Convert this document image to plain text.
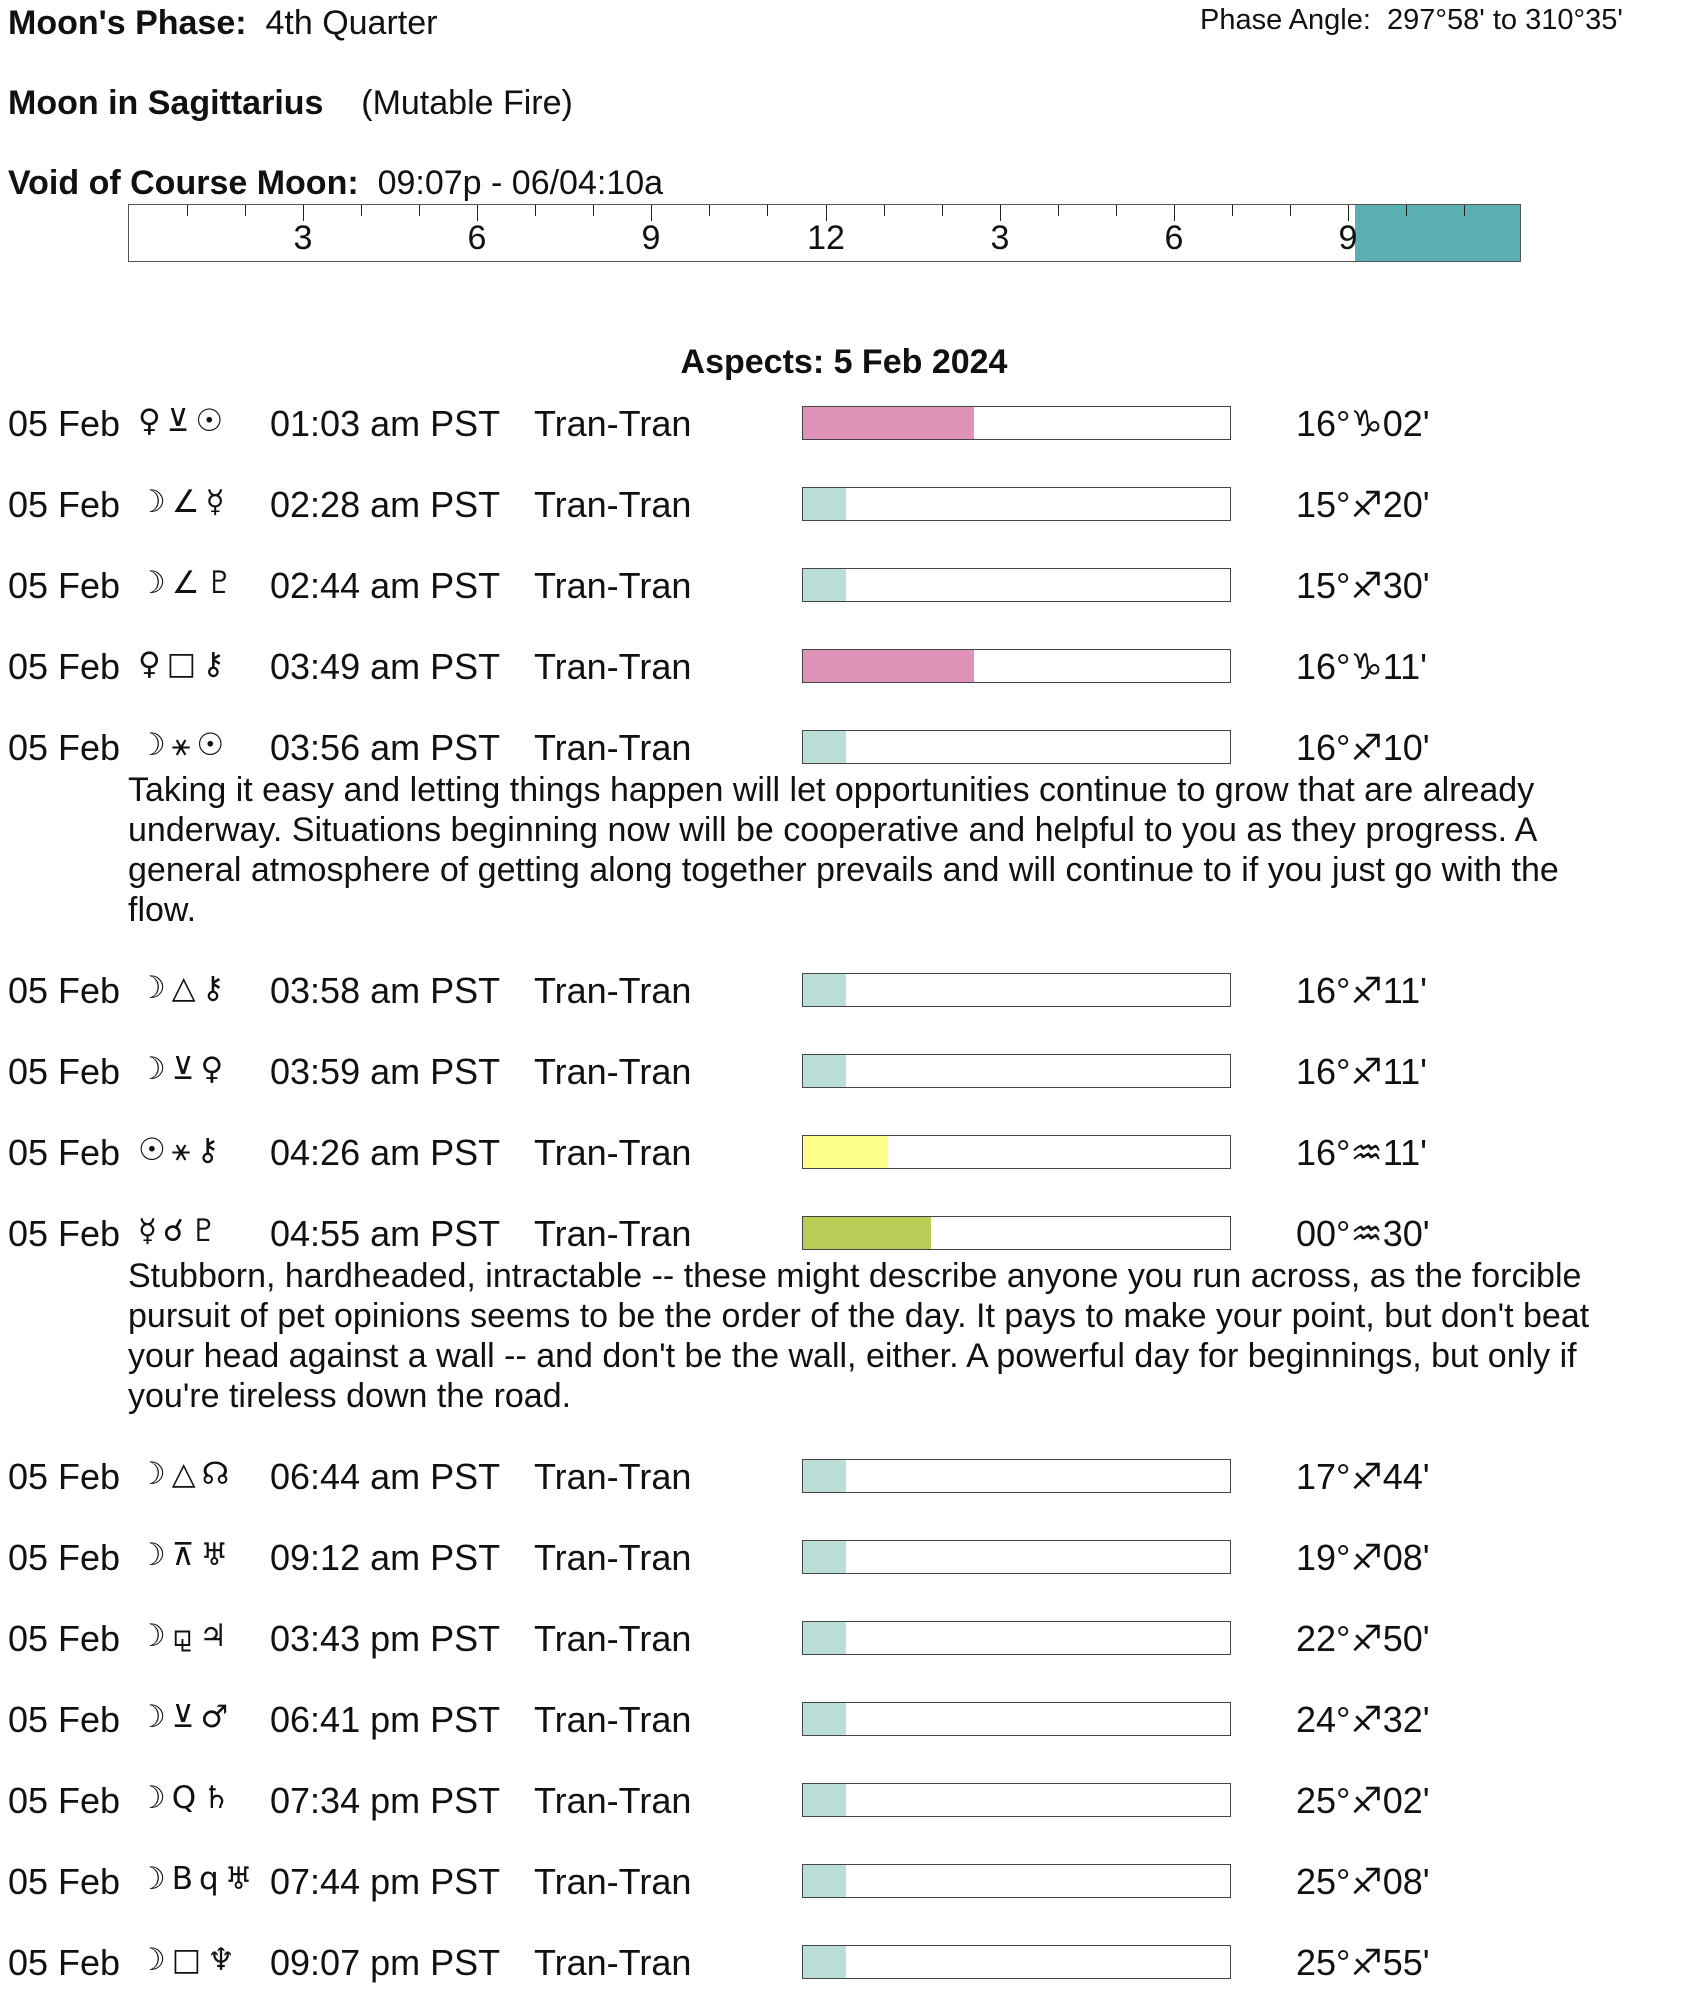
Moon's Phase: 4th Quarter	Phase Angle: 297°58' to 310°35'
Moon in Sagittarius (Mutable Fire)
Void of Course Moon: 09:07p - 06/04:10a
3	6	9	12	3	6	9
Aspects: 5 Feb 2024
05 Feb ♀⊻☉	01:03 am PST Tran-Tran	16°♑02'
05 Feb ☽∠☿	02:28 am PST Tran-Tran	15°♐20'
05 Feb ☽∠♇ 02:44 am PST Tran-Tran	15°♐30'
05 Feb ♀□⚷	03:49 am PST Tran-Tran	16°♑11'
05 Feb ☽⚹☉	03:56 am PST Tran-Tran	16°♐10'
Taking it easy and letting things happen will let opportunities continue to grow that are already underway. Situations beginning now will be cooperative and helpful to you as they progress. A general atmosphere of getting along together prevails and will continue to if you just go with the flow.
05 Feb ☽△⚷	03:58 am PST Tran-Tran	16°♐11'
05 Feb ☽⊻♀	03:59 am PST Tran-Tran	16°♐11'
05 Feb ☉⚹⚷	04:26 am PST Tran-Tran	16°♒11'
05 Feb ☿☌♇	04:55 am PST Tran-Tran	00°♒30'
Stubborn, hardheaded, intractable -- these might describe anyone you run across, as the forcible pursuit of pet opinions seems to be the order of the day. It pays to make your point, but don't beat your head against a wall -- and don't be the wall, either. A powerful day for beginnings, but only if you're tireless down the road.
05 Feb ☽△☊ 06:44 am PST Tran-Tran	17°♐44'
05 Feb ☽⊼♅ 09:12 am PST Tran-Tran	19°♐08'
05 Feb ☽⚼♃	03:43 pm PST Tran-Tran	22°♐50'
05 Feb ☽⊻♂ 06:41 pm PST Tran-Tran	24°♐32'
05 Feb ☽Q♄ 07:34 pm PST Tran-Tran	25°♐02'
05 Feb ☽Bq♅ 07:44 pm PST Tran-Tran	25°♐08'
05 Feb ☽□♆ 09:07 pm PST Tran-Tran	25°♐55'
